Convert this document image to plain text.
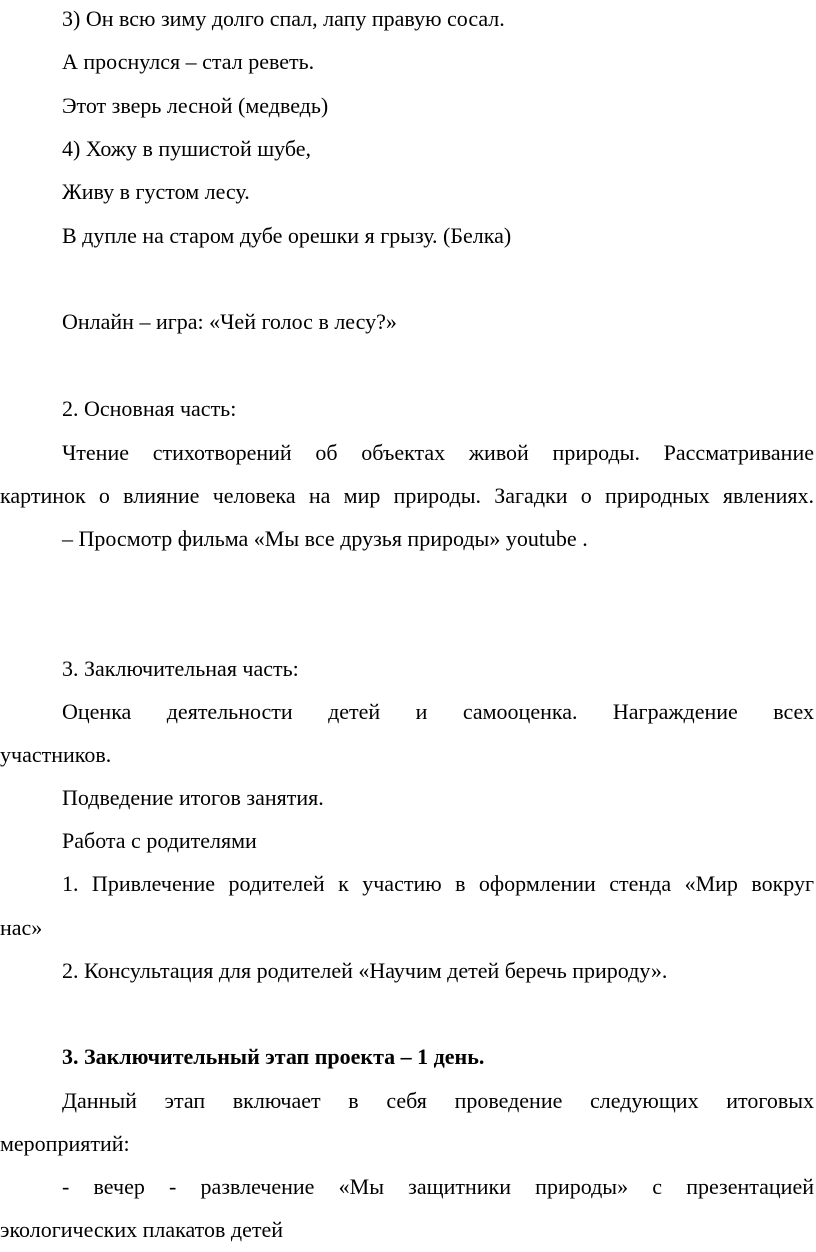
3) Он всю зиму долго спал, лапу правую сосал.

А проснулся – стал реветь.

Этот зверь лесной (медведь)

4) Хожу в пушистой шубе,

Живу в густом лесу.

В дупле на старом дубе орешки я грызу. (Белка)

Онлайн – игра: «Чей голос в лесу?»

2. Основная часть:

Чтение стихотворений об объектах живой природы. Рассматривание

картинок о влияние человека на мир природы. Загадки о природных явлениях.

– Просмотр фильма «Мы все друзья природы» youtube .

3. Заключительная часть:

Оценка деятельности детей и самооценка. Награждение всех

участников.

Подведение итогов занятия.

Работа с родителями

1. Привлечение родителей к участию в оформлении стенда «Мир вокруг

нас»

2. Консультация для родителей «Научим детей беречь природу».

3. Заключительный этап проекта – 1 день.

Данный этап включает в себя проведение следующих итоговых

мероприятий:

- вечер - развлечение «Мы защитники природы» с презентацией

экологических плакатов детей
